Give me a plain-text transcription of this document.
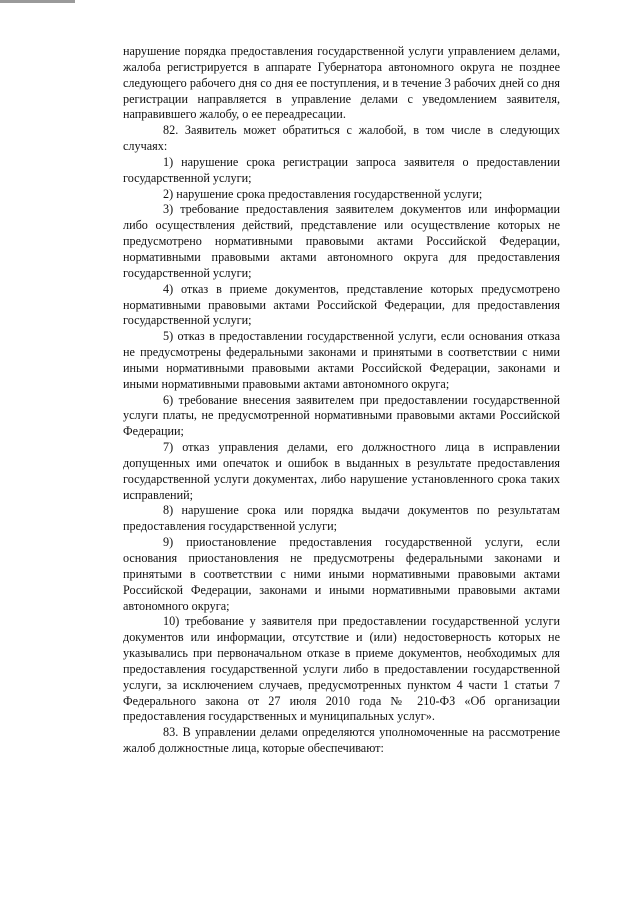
нарушение порядка предоставления государственной услуги управлением делами, жалоба регистрируется в аппарате Губернатора автономного округа не позднее следующего рабочего дня со дня ее поступления, и в течение 3 рабочих дней со дня регистрации направляется в управление делами с уведомлением заявителя, направившего жалобу, о ее переадресации.

82. Заявитель может обратиться с жалобой, в том числе в следующих случаях:

1) нарушение срока регистрации запроса заявителя о предоставлении государственной услуги;

2) нарушение срока предоставления государственной услуги;

3) требование предоставления заявителем документов или информации либо осуществления действий, представление или осуществление которых не предусмотрено нормативными правовыми актами Российской Федерации, нормативными правовыми актами автономного округа для предоставления государственной услуги;

4) отказ в приеме документов, представление которых предусмотрено нормативными правовыми актами Российской Федерации, для предоставления государственной услуги;

5) отказ в предоставлении государственной услуги, если основания отказа не предусмотрены федеральными законами и принятыми в соответствии с ними иными нормативными правовыми актами Российской Федерации, законами и иными нормативными правовыми актами автономного округа;

6) требование внесения заявителем при предоставлении государственной услуги платы, не предусмотренной нормативными правовыми актами Российской Федерации;

7) отказ управления делами, его должностного лица в исправлении допущенных ими опечаток и ошибок в выданных в результате предоставления государственной услуги документах, либо нарушение установленного срока таких исправлений;

8) нарушение срока или порядка выдачи документов по результатам предоставления государственной услуги;

9) приостановление предоставления государственной услуги, если основания приостановления не предусмотрены федеральными законами и принятыми в соответствии с ними иными нормативными правовыми актами Российской Федерации, законами и иными нормативными правовыми актами автономного округа;

10) требование у заявителя при предоставлении государственной услуги документов или информации, отсутствие и (или) недостоверность которых не указывались при первоначальном отказе в приеме документов, необходимых для предоставления государственной услуги либо в предоставлении государственной услуги, за исключением случаев, предусмотренных пунктом 4 части 1 статьи 7 Федерального закона от 27 июля 2010 года № 210-ФЗ «Об организации предоставления государственных и муниципальных услуг».

83. В управлении делами определяются уполномоченные на рассмотрение жалоб должностные лица, которые обеспечивают:
